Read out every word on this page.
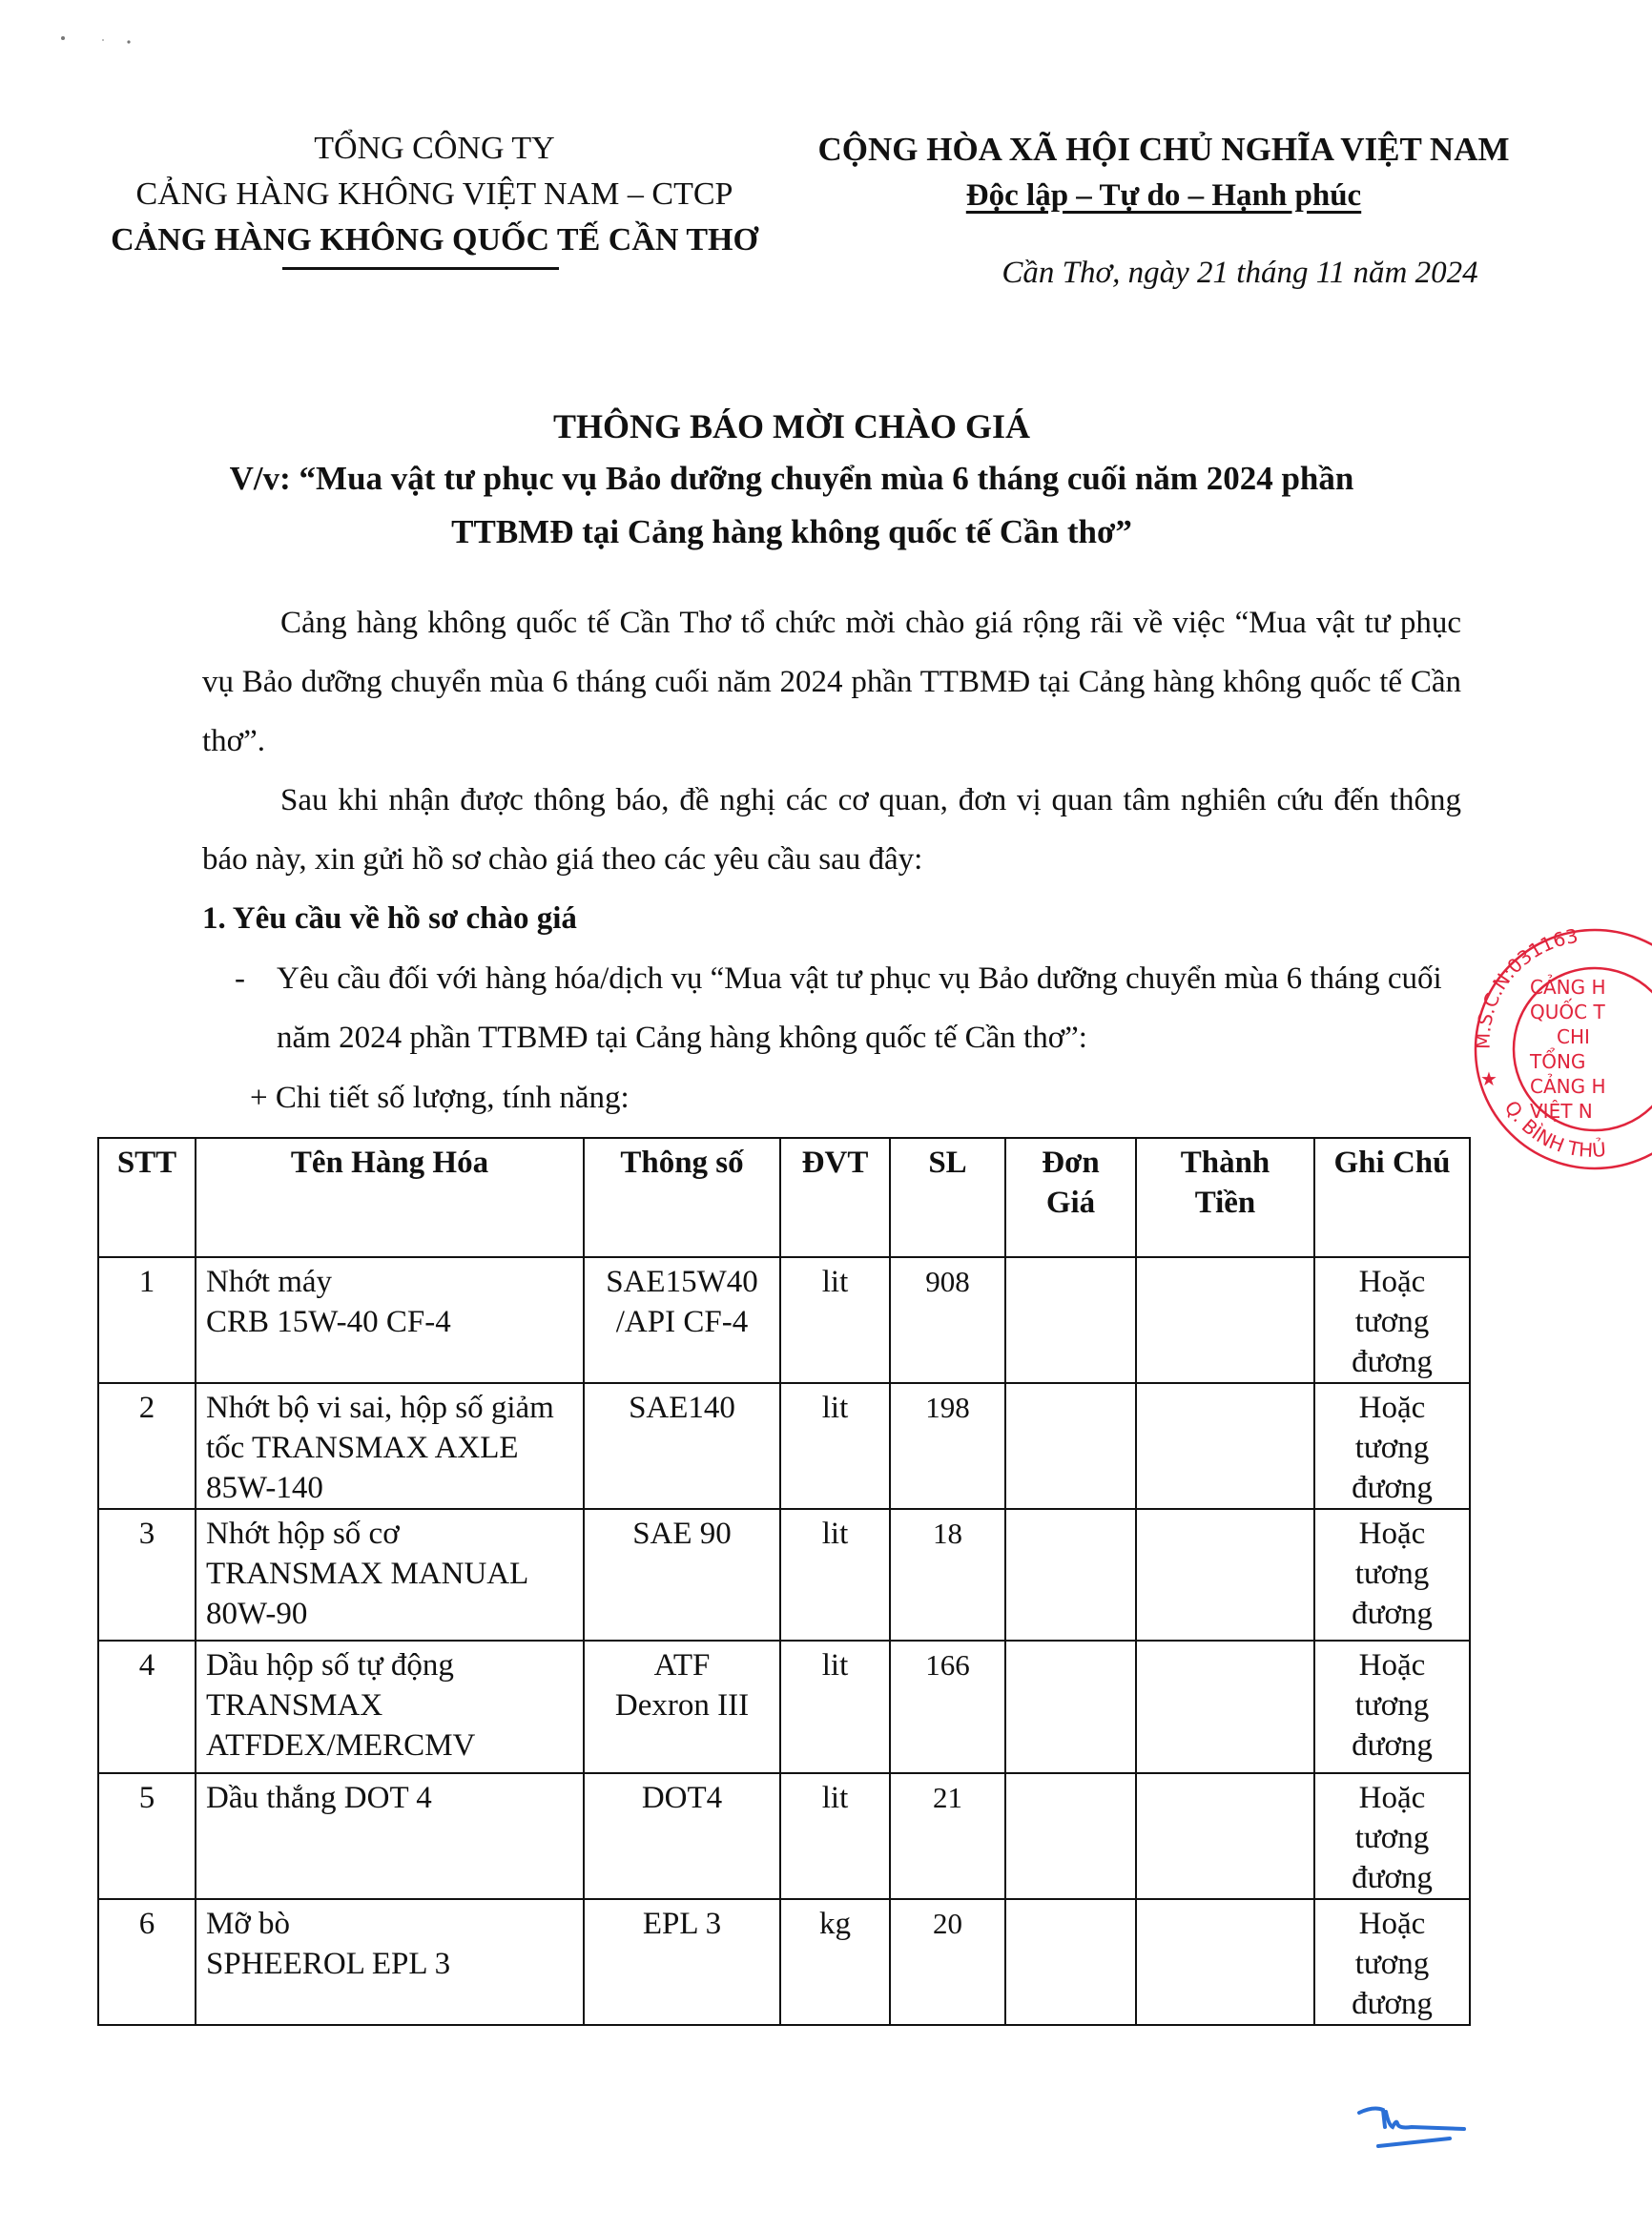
TỔNG CÔNG TY
CẢNG HÀNG KHÔNG VIỆT NAM – CTCP
CẢNG HÀNG KHÔNG QUỐC TẾ CẦN THƠ
CỘNG HÒA XÃ HỘI CHỦ NGHĨA VIỆT NAM
Độc lập – Tự do – Hạnh phúc
Cần Thơ, ngày 21 tháng 11 năm 2024
THÔNG BÁO MỜI CHÀO GIÁ
V/v: “Mua vật tư phục vụ Bảo dưỡng chuyển mùa 6 tháng cuối năm 2024 phần
TTBMĐ tại Cảng hàng không quốc tế Cần thơ”
Cảng hàng không quốc tế Cần Thơ tổ chức mời chào giá rộng rãi về việc “Mua vật tư phục vụ Bảo dưỡng chuyển mùa 6 tháng cuối năm 2024 phần TTBMĐ tại Cảng hàng không quốc tế Cần thơ”.
Sau khi nhận được thông báo, đề nghị các cơ quan, đơn vị quan tâm nghiên cứu đến thông báo này, xin gửi hồ sơ chào giá theo các yêu cầu sau đây:
1. Yêu cầu về hồ sơ chào giá
- Yêu cầu đối với hàng hóa/dịch vụ “Mua vật tư phục vụ Bảo dưỡng chuyển mùa 6 tháng cuối năm 2024 phần TTBMĐ tại Cảng hàng không quốc tế Cần thơ”:
+ Chi tiết số lượng, tính năng:
STT	Tên Hàng Hóa	Thông số	ĐVT	SL	Đơn Giá	Thành Tiền	Ghi Chú
1	Nhớt máy
CRB 15W-40 CF-4	SAE15W40
/API CF-4	lit	908			Hoặc tương đương
2	Nhớt bộ vi sai, hộp số giảm tốc TRANSMAX AXLE 85W-140	SAE140	lit	198			Hoặc tương đương
3	Nhớt hộp số cơ
TRANSMAX MANUAL 80W-90	SAE 90	lit	18			Hoặc tương đương
4	Dầu hộp số tự động TRANSMAX ATFDEX/MERCMV	ATF
Dexron III	lit	166			Hoặc tương đương
5	Dầu thắng DOT 4	DOT4	lit	21			Hoặc tương đương
6	Mỡ bò
SPHEEROL EPL 3	EPL 3	kg	20			Hoặc tương đương
M.S.C.N:031163
Q. BÌNH THỦ
★
CẢNG H
QUỐC T
CHI
TỔNG
CẢNG H
VIỆT N
